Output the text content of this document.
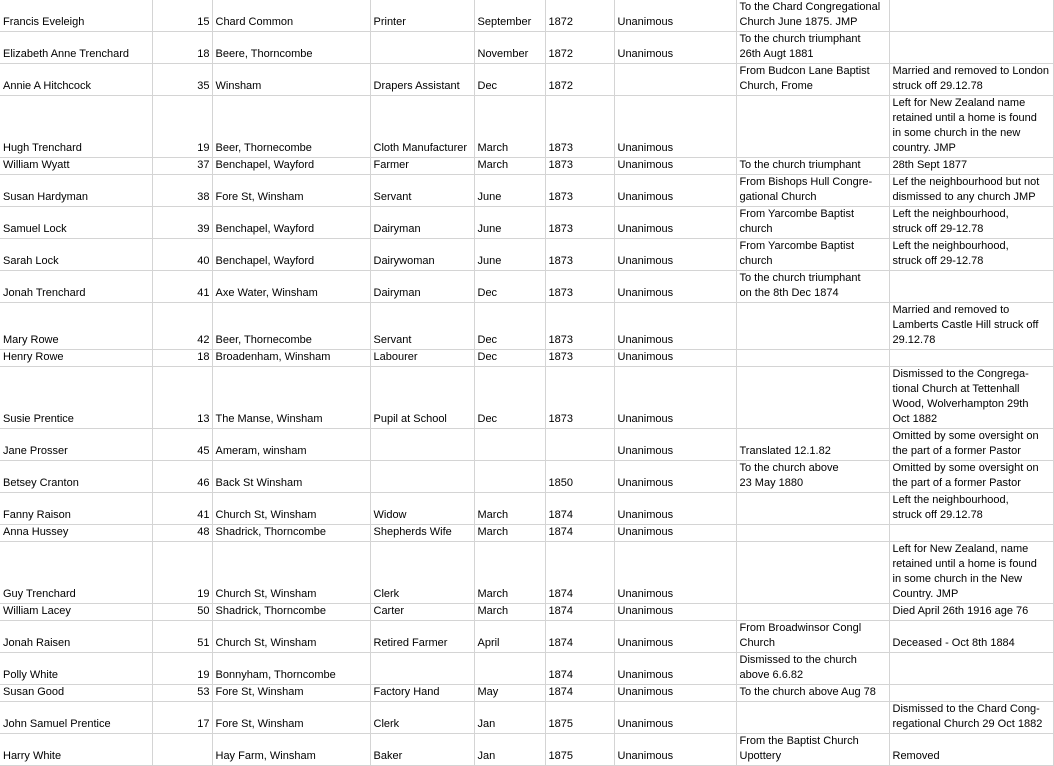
Francis Eveleigh	15	Chard Common	Printer	September	1872	Unanimous	To the Chard Congregational
Church June 1875. JMP	
Elizabeth Anne Trenchard	18	Beere, Thorncombe		November	1872	Unanimous	To the church triumphant
26th Augt 1881	
Annie A Hitchcock	35	Winsham	Drapers Assistant	Dec	1872		From Budcon Lane Baptist
Church, Frome	Married and removed to London
struck off 29.12.78
Hugh Trenchard	19	Beer, Thornecombe	Cloth Manufacturer	March	1873	Unanimous		Left for New Zealand name
retained until a home is found
in some church in the new
country. JMP
William Wyatt	37	Benchapel, Wayford	Farmer	March	1873	Unanimous	To the church triumphant	28th Sept 1877
Susan Hardyman	38	Fore St, Winsham	Servant	June	1873	Unanimous	From Bishops Hull Congre-
gational Church	Lef the neighbourhood but not
dismissed to any church JMP
Samuel Lock	39	Benchapel, Wayford	Dairyman	June	1873	Unanimous	From Yarcombe Baptist
church	Left the neighbourhood,
struck off 29-12.78
Sarah Lock	40	Benchapel, Wayford	Dairywoman	June	1873	Unanimous	From Yarcombe Baptist
church	Left the neighbourhood,
struck off 29-12.78
Jonah Trenchard	41	Axe Water, Winsham	Dairyman	Dec	1873	Unanimous	To the church triumphant
on the 8th Dec 1874	
Mary Rowe	42	Beer, Thornecombe	Servant	Dec	1873	Unanimous		Married and removed to
Lamberts Castle Hill struck off
29.12.78
Henry Rowe	18	Broadenham, Winsham	Labourer	Dec	1873	Unanimous		
Susie Prentice	13	The Manse, Winsham	Pupil at School	Dec	1873	Unanimous		Dismissed to the Congrega-
tional Church at Tettenhall
Wood, Wolverhampton 29th
Oct 1882
Jane Prosser	45	Ameram, winsham				Unanimous	Translated 12.1.82	Omitted by some oversight on
the part of a former Pastor
Betsey Cranton	46	Back St Winsham			1850	Unanimous	To the church above
23 May 1880	Omitted by some oversight on
the part of a former Pastor
Fanny Raison	41	Church St, Winsham	Widow	March	1874	Unanimous		Left the neighbourhood,
struck off 29.12.78
Anna Hussey	48	Shadrick, Thorncombe	Shepherds Wife	March	1874	Unanimous		
Guy Trenchard	19	Church St, Winsham	Clerk	March	1874	Unanimous		Left for New Zealand, name
retained until a home is found
in some church in the New
Country. JMP
William Lacey	50	Shadrick, Thorncombe	Carter	March	1874	Unanimous		Died April 26th 1916 age 76
Jonah Raisen	51	Church St, Winsham	Retired Farmer	April	1874	Unanimous	From Broadwinsor Congl
Church	Deceased - Oct 8th 1884
Polly White	19	Bonnyham, Thorncombe			1874	Unanimous	Dismissed to the church
above 6.6.82	
Susan Good	53	Fore St, Winsham	Factory Hand	May	1874	Unanimous	To the church above Aug 78	
John Samuel Prentice	17	Fore St, Winsham	Clerk	Jan	1875	Unanimous		Dismissed to the Chard Cong-
regational Church 29 Oct 1882
Harry White		Hay Farm, Winsham	Baker	Jan	1875	Unanimous	From the Baptist Church
Upottery	Removed
